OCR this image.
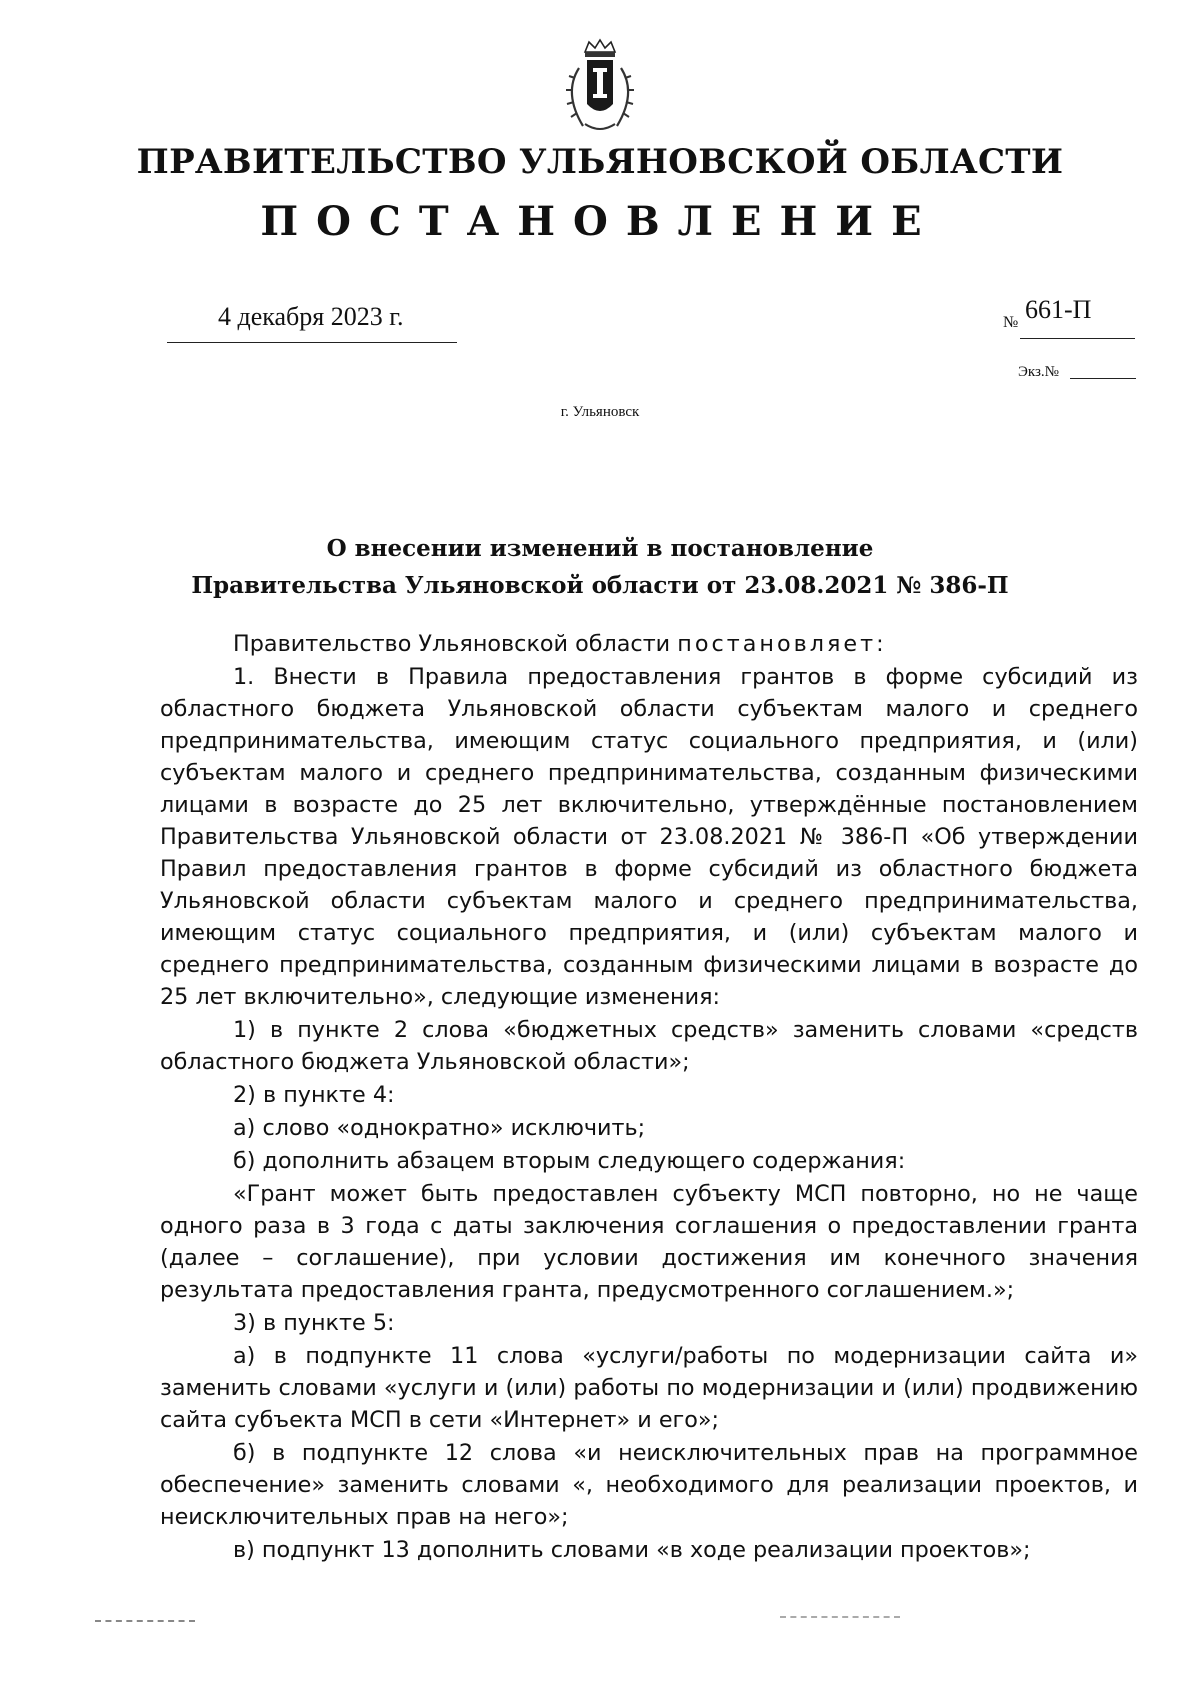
ПРАВИТЕЛЬСТВО УЛЬЯНОВСКОЙ ОБЛАСТИ
ПОСТАНОВЛЕНИЕ
4 декабря 2023 г.	№ 661-П
Экз.№
г. Ульяновск
О внесении изменений в постановление
Правительства Ульяновской области от 23.08.2021 № 386-П

Правительство Ульяновской области постановляет:

1. Внести в Правила предоставления грантов в форме субсидий из областного бюджета Ульяновской области субъектам малого и среднего предпринимательства, имеющим статус социального предприятия, и (или) субъектам малого и среднего предпринимательства, созданным физическими лицами в возрасте до 25 лет включительно, утверждённые постановлением Правительства Ульяновской области от 23.08.2021 № 386-П «Об утверждении Правил предоставления грантов в форме субсидий из областного бюджета Ульяновской области субъектам малого и среднего предпринимательства, имеющим статус социального предприятия, и (или) субъектам малого и среднего предпринимательства, созданным физическими лицами в возрасте до 25 лет включительно», следующие изменения:

1) в пункте 2 слова «бюджетных средств» заменить словами «средств областного бюджета Ульяновской области»;

2) в пункте 4:

а) слово «однократно» исключить;

б) дополнить абзацем вторым следующего содержания:

«Грант может быть предоставлен субъекту МСП повторно, но не чаще одного раза в 3 года с даты заключения соглашения о предоставлении гранта (далее – соглашение), при условии достижения им конечного значения результата предоставления гранта, предусмотренного соглашением.»;

3) в пункте 5:

а) в подпункте 11 слова «услуги/работы по модернизации сайта и» заменить словами «услуги и (или) работы по модернизации и (или) продвижению сайта субъекта МСП в сети «Интернет» и его»;

б) в подпункте 12 слова «и неисключительных прав на программное обеспечение» заменить словами «, необходимого для реализации проектов, и неисключительных прав на него»;

в) подпункт 13 дополнить словами «в ходе реализации проектов»;
